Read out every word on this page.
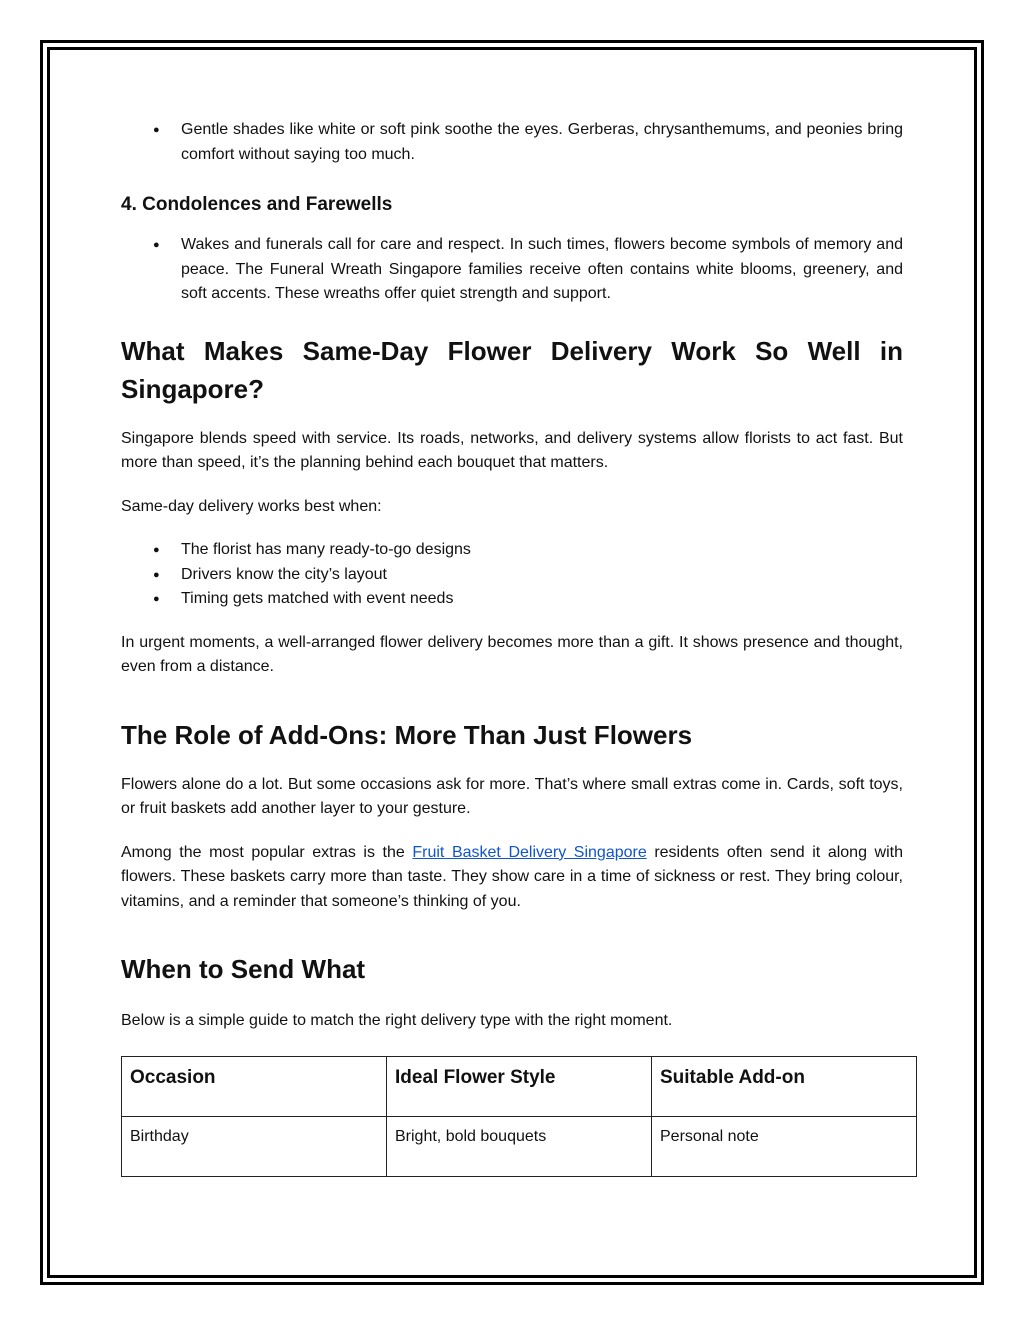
● Gentle shades like white or soft pink soothe the eyes. Gerberas, chrysanthemums, and peonies bring comfort without saying too much.
4. Condolences and Farewells
● Wakes and funerals call for care and respect. In such times, flowers become symbols of memory and peace. The Funeral Wreath Singapore families receive often contains white blooms, greenery, and soft accents. These wreaths offer quiet strength and support.
What Makes Same-Day Flower Delivery Work So Well in Singapore?

Singapore blends speed with service. Its roads, networks, and delivery systems allow florists to act fast. But more than speed, it’s the planning behind each bouquet that matters.

Same-day delivery works best when:

● The florist has many ready-to-go designs
● Drivers know the city’s layout
● Timing gets matched with event needs

In urgent moments, a well-arranged flower delivery becomes more than a gift. It shows presence and thought, even from a distance.

The Role of Add-Ons: More Than Just Flowers

Flowers alone do a lot. But some occasions ask for more. That’s where small extras come in. Cards, soft toys, or fruit baskets add another layer to your gesture.

Among the most popular extras is the Fruit Basket Delivery Singapore residents often send it along with flowers. These baskets carry more than taste. They show care in a time of sickness or rest. They bring colour, vitamins, and a reminder that someone’s thinking of you.

When to Send What

Below is a simple guide to match the right delivery type with the right moment.

Occasion	Ideal Flower Style	Suitable Add-on
Birthday	Bright, bold bouquets	Personal note
